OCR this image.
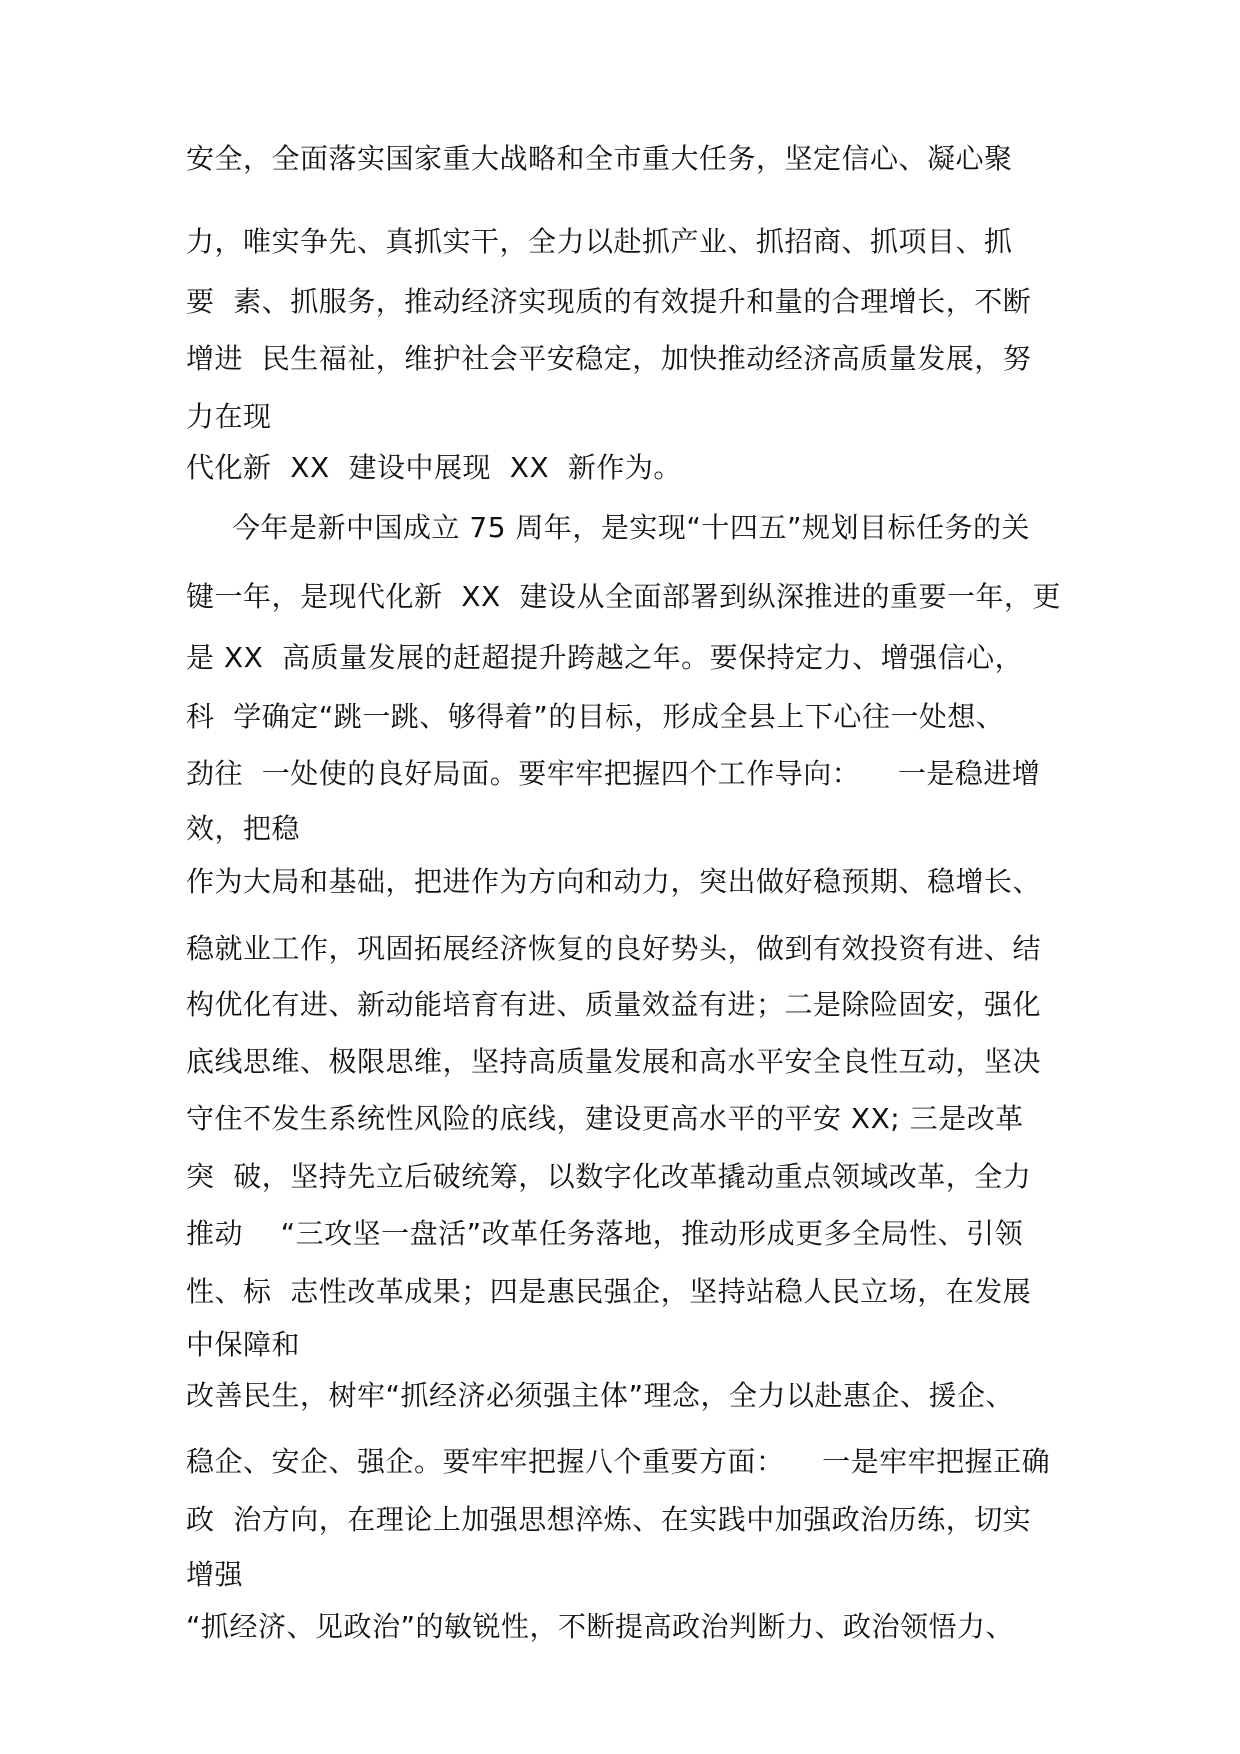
安全，全面落实国家重大战略和全市重大任务，坚定信心、凝心聚
力，唯实争先、真抓实干，全力以赴抓产业、抓招商、抓项目、抓
要  素、抓服务，推动经济实现质的有效提升和量的合理增长，不断
增进  民生福祉，维护社会平安稳定，加快推动经济高质量发展，努
力在现
代化新  XX  建设中展现  XX  新作为。
今年是新中国成立 75 周年，是实现“十四五”规划目标任务的关
键一年，是现代化新  XX  建设从全面部署到纵深推进的重要一年，更
是 XX  高质量发展的赶超提升跨越之年。要保持定力、增强信心，
科  学确定“跳一跳、够得着”的目标，形成全县上下心往一处想、
劲往  一处使的良好局面。要牢牢把握四个工作导向：    一是稳进增
效，把稳
作为大局和基础，把进作为方向和动力，突出做好稳预期、稳增长、
稳就业工作，巩固拓展经济恢复的良好势头，做到有效投资有进、结
构优化有进、新动能培育有进、质量效益有进；二是除险固安，强化
底线思维、极限思维，坚持高质量发展和高水平安全良性互动，坚决
守住不发生系统性风险的底线，建设更高水平的平安 XX; 三是改革
突  破，坚持先立后破统筹，以数字化改革撬动重点领域改革，全力
推动    “三攻坚一盘活”改革任务落地，推动形成更多全局性、引领
性、标  志性改革成果；四是惠民强企，坚持站稳人民立场，在发展
中保障和
改善民生，树牢“抓经济必须强主体”理念，全力以赴惠企、援企、
稳企、安企、强企。要牢牢把握八个重要方面：    一是牢牢把握正确
政  治方向，在理论上加强思想淬炼、在实践中加强政治历练，切实
增强
“抓经济、见政治”的敏锐性，不断提高政治判断力、政治领悟力、
